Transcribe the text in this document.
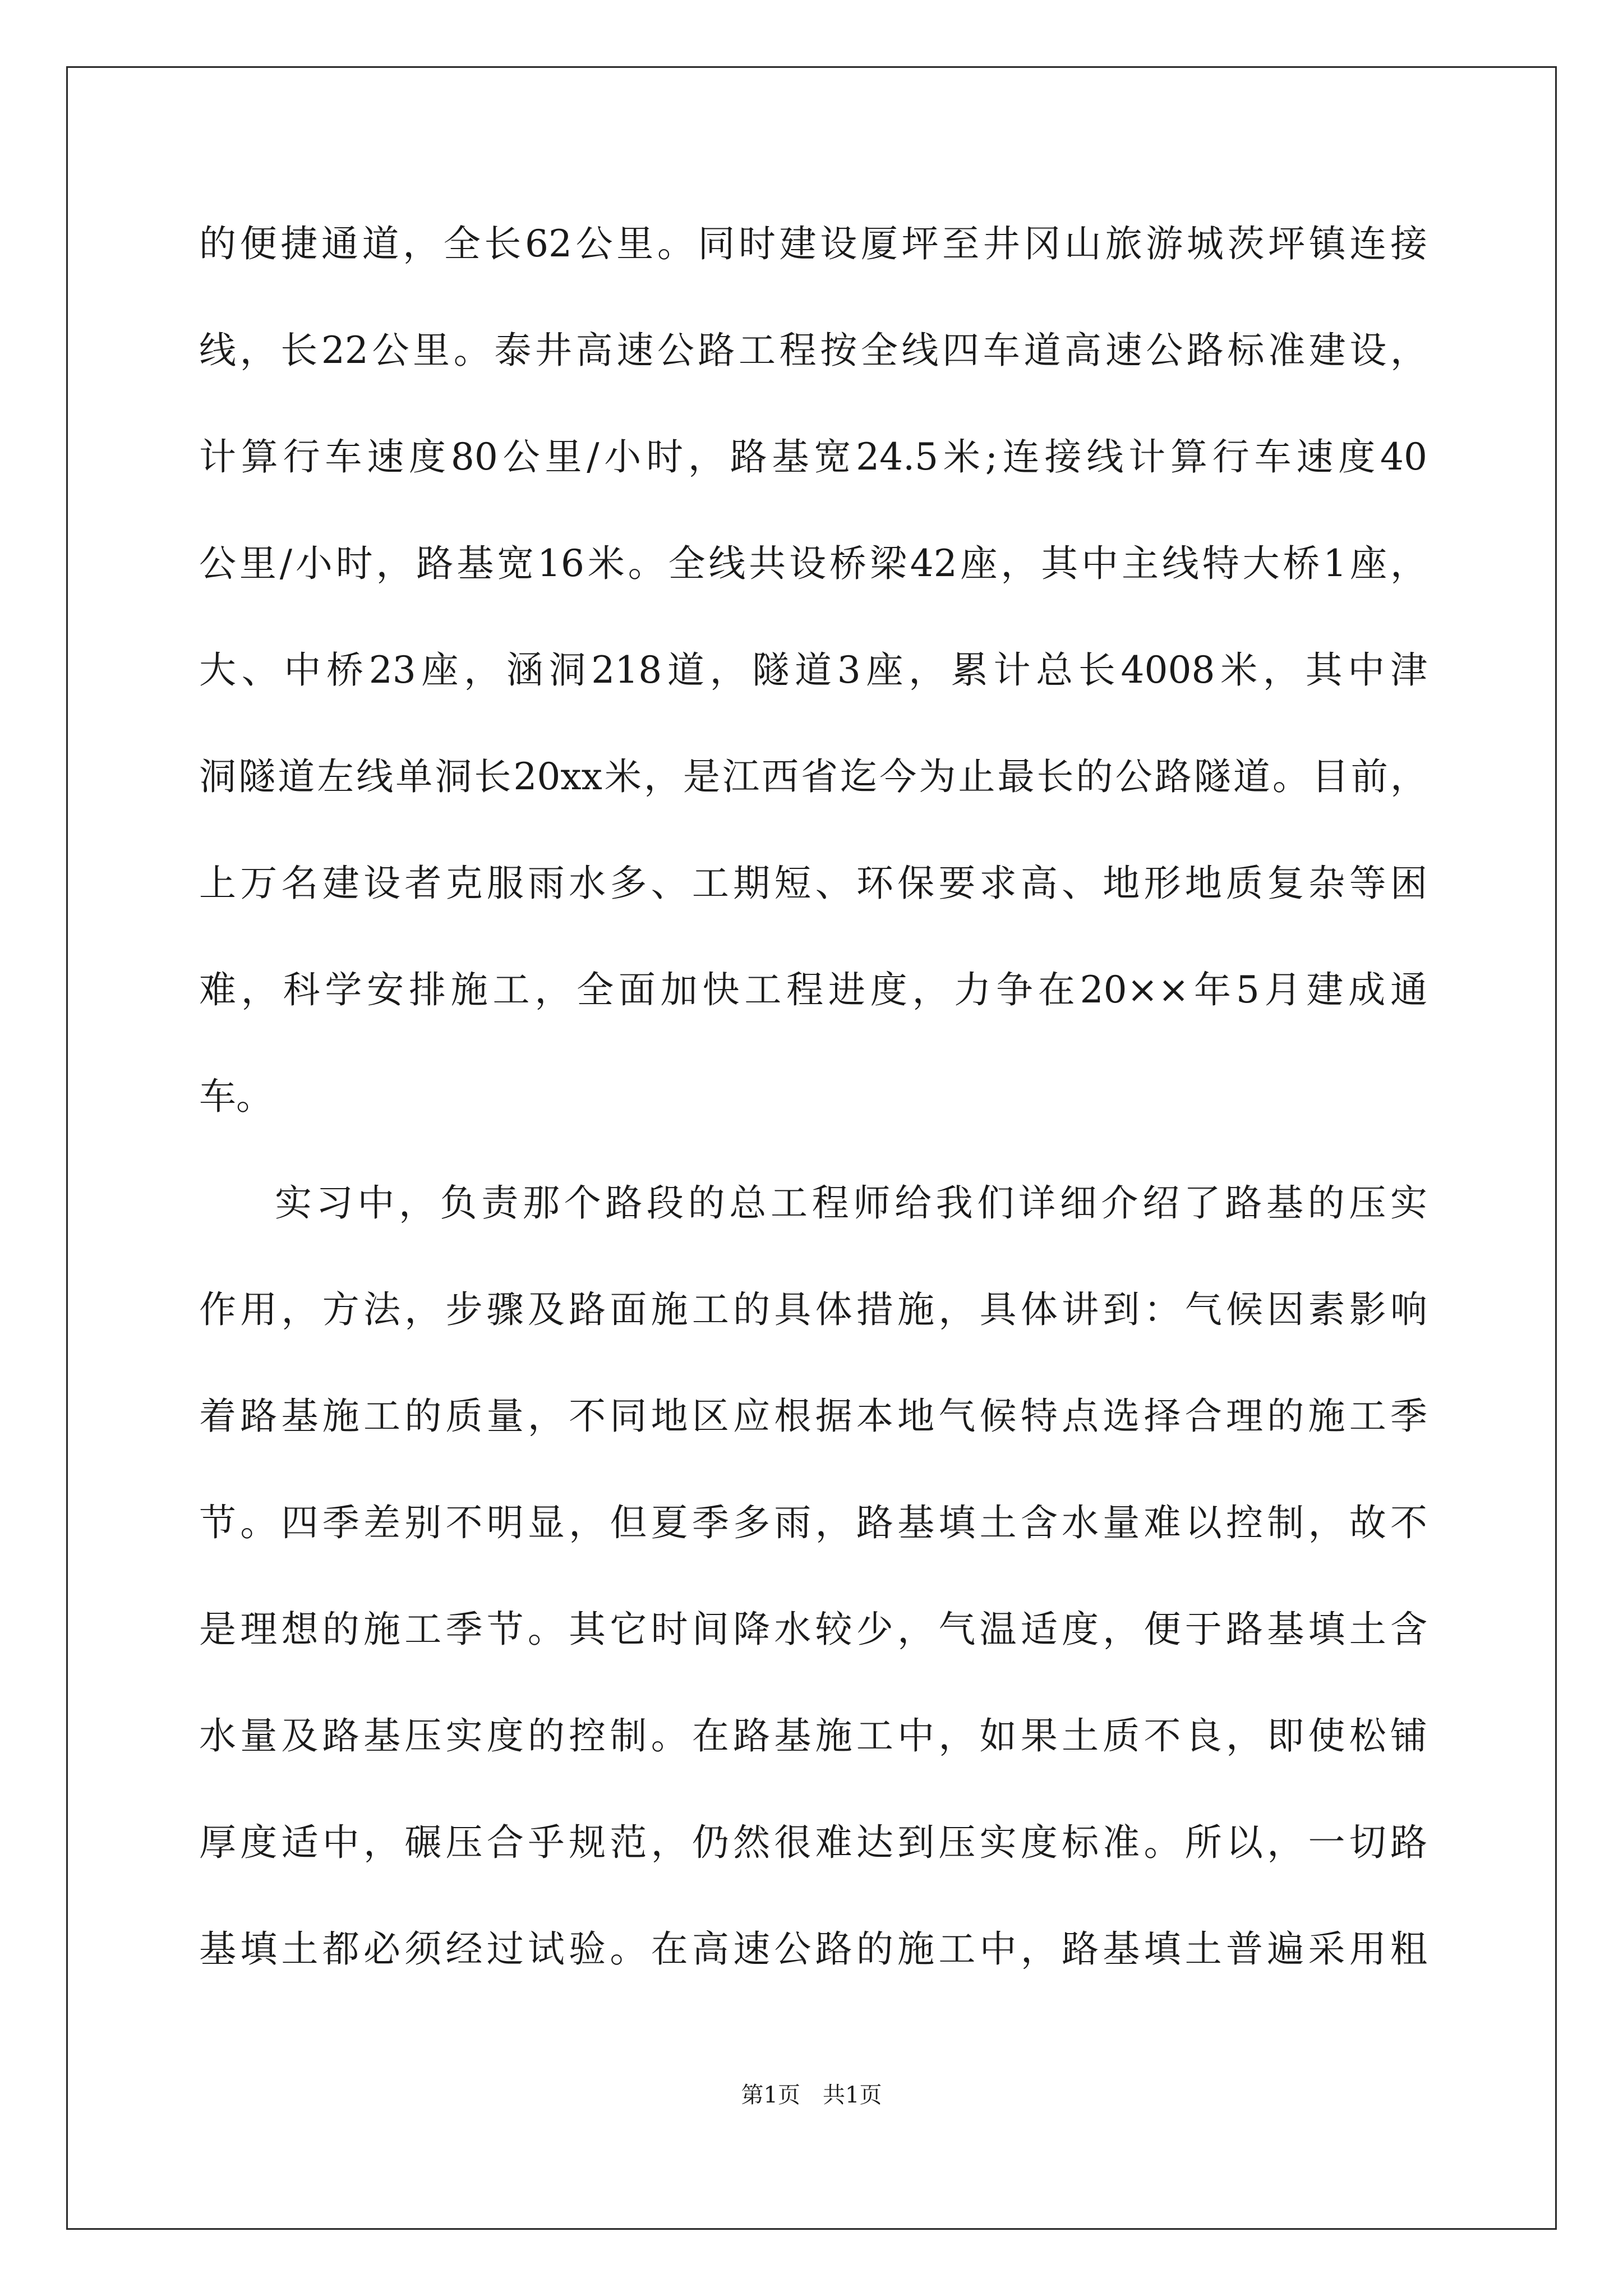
的便捷通道，全长62公里。同时建设厦坪至井冈山旅游城茨坪镇连接
线，长22公里。泰井高速公路工程按全线四车道高速公路标准建设，
计算行车速度80公里/小时，路基宽24.5米;连接线计算行车速度40
公里/小时，路基宽16米。全线共设桥梁42座，其中主线特大桥1座，
大、中桥23座，涵洞218道，隧道3座，累计总长4008米，其中津
洞隧道左线单洞长20xx米，是江西省迄今为止最长的公路隧道。目前，
上万名建设者克服雨水多、工期短、环保要求高、地形地质复杂等困
难，科学安排施工，全面加快工程进度，力争在20××年5月建成通
车。
实习中，负责那个路段的总工程师给我们详细介绍了路基的压实
作用，方法，步骤及路面施工的具体措施，具体讲到：气候因素影响
着路基施工的质量，不同地区应根据本地气候特点选择合理的施工季
节。四季差别不明显，但夏季多雨，路基填土含水量难以控制，故不
是理想的施工季节。其它时间降水较少，气温适度，便于路基填土含
水量及路基压实度的控制。在路基施工中，如果土质不良，即使松铺
厚度适中，碾压合乎规范，仍然很难达到压实度标准。所以，一切路
基填土都必须经过试验。在高速公路的施工中，路基填土普遍采用粗
第1页　共1页
